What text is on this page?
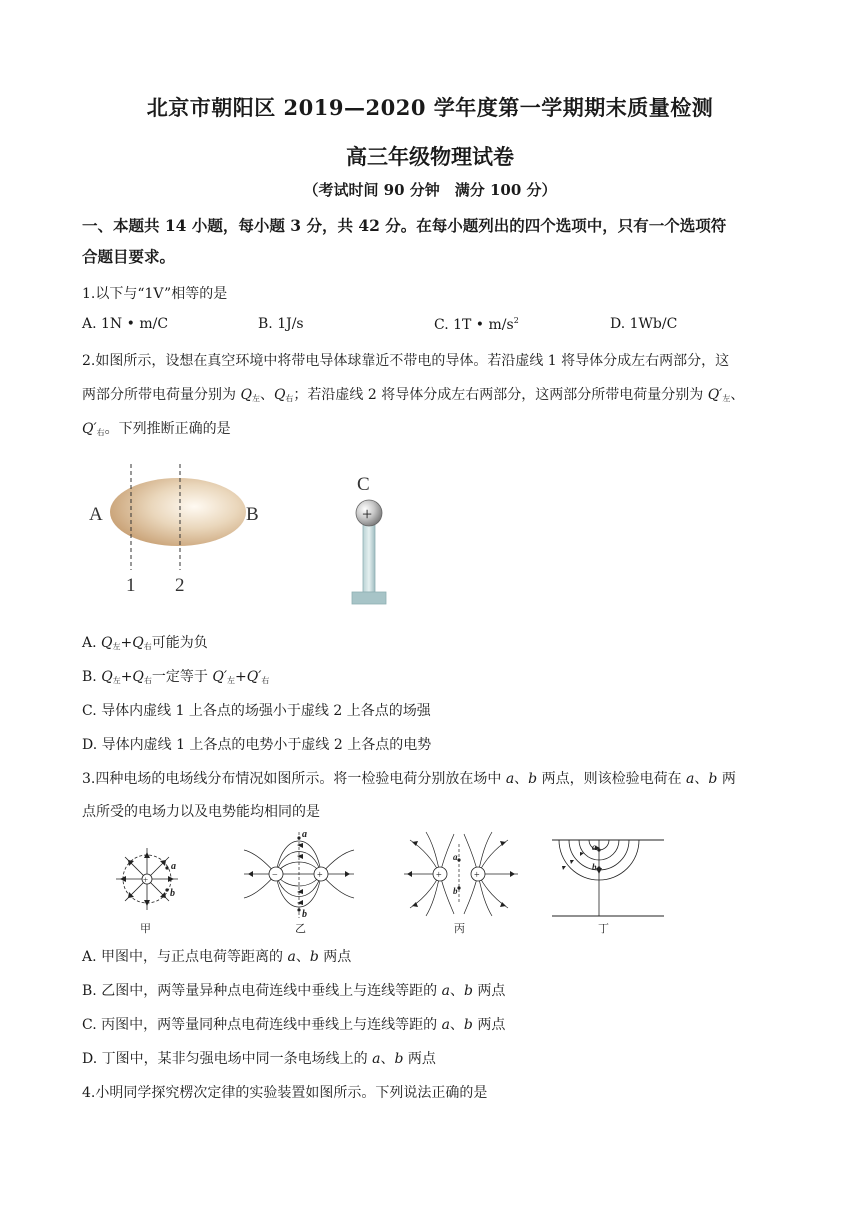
北京市朝阳区 2019—2020 学年度第一学期期末质量检测
高三年级物理试卷
（考试时间 90 分钟　满分 100 分）
一、本题共 14 小题，每小题 3 分，共 42 分。在每小题列出的四个选项中，只有一个选项符
合题目要求。
1.以下与“1V”相等的是
A. 1N • m/C	B. 1J/s	C. 1T • $m/s^2$	D. 1Wb/C
2.如图所示，设想在真空环境中将带电导体球靠近不带电的导体。若沿虚线 1 将导体分成左右两部分，这
两部分所带电荷量分别为 $Q_左$、$Q_右$；若沿虚线 2 将导体分成左右两部分，这两部分所带电荷量分别为 $Q'_左$、
$Q'_右$。下列推断正确的是
A	B
1 2
C
+
A. $Q_左+Q_右$可能为负
B. $Q_左+Q_右$一定等于 $Q'_左+Q'_右$
C. 导体内虚线 1 上各点的场强小于虚线 2 上各点的场强
D. 导体内虚线 1 上各点的电势小于虚线 2 上各点的电势
3.四种电场的电场线分布情况如图所示。将一检验电荷分别放在场中 a、b 两点，则该检验电荷在 a、b 两
点所受的电场力以及电势能均相同的是
+
a
b
甲
−	+
a
b
乙
+	+
a
b
丙
a
b
丁
A. 甲图中，与正点电荷等距离的 a、b 两点
B. 乙图中，两等量异种点电荷连线中垂线上与连线等距的 a、b 两点
C. 丙图中，两等量同种点电荷连线中垂线上与连线等距的 a、b 两点
D. 丁图中，某非匀强电场中同一条电场线上的 a、b 两点
4.小明同学探究楞次定律的实验装置如图所示。下列说法正确的是
